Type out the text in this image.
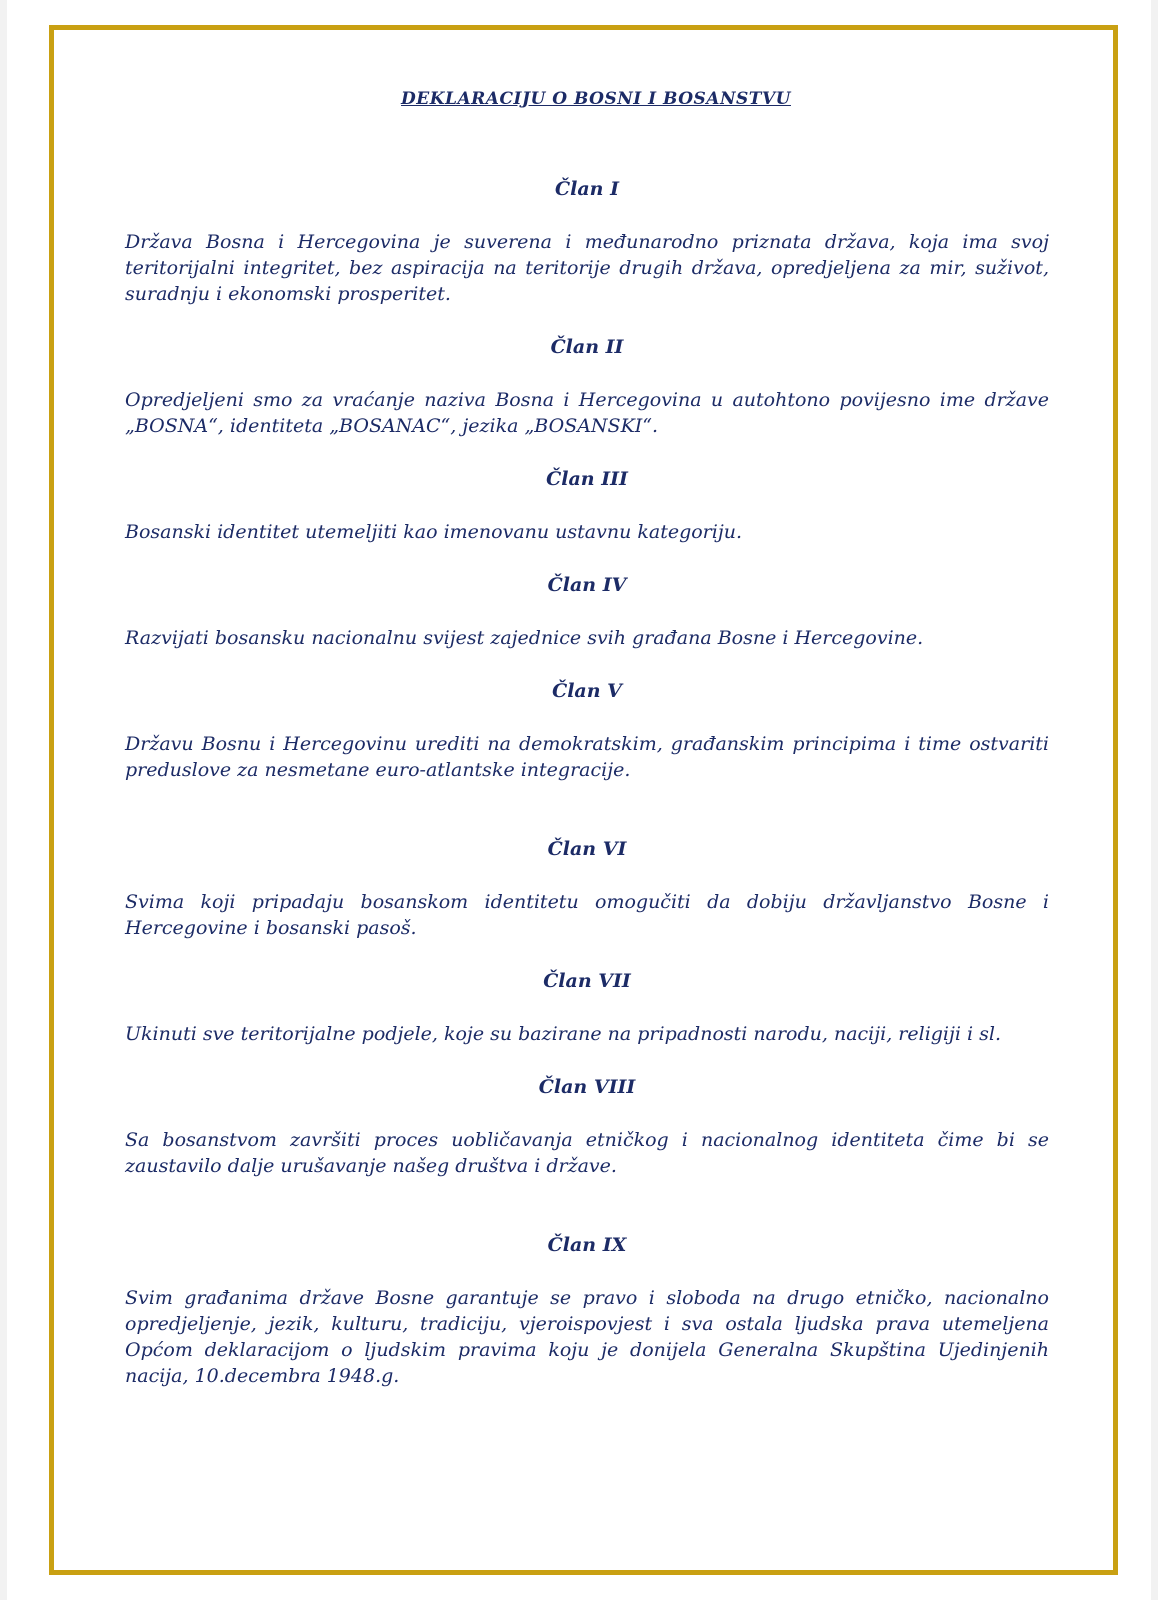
DEKLARACIJU O BOSNI I BOSANSTVU
Član I
Država Bosna i Hercegovina je suverena i međunarodno priznata država, koja ima svoj teritorijalni integritet, bez aspiracija na teritorije drugih država, opredjeljena za mir, suživot, suradnju i ekonomski prosperitet.
Član II
Opredjeljeni smo za vraćanje naziva Bosna i Hercegovina u autohtono povijesno ime države „BOSNA“, identiteta „BOSANAC“, jezika „BOSANSKI“.
Član III
Bosanski identitet utemeljiti kao imenovanu ustavnu kategoriju.
Član IV
Razvijati bosansku nacionalnu svijest zajednice svih građana Bosne i Hercegovine.
Član V
Državu Bosnu i Hercegovinu urediti na demokratskim, građanskim principima i time ostvariti preduslove za nesmetane euro-atlantske integracije.
Član VI
Svima koji pripadaju bosanskom identitetu omogučiti da dobiju državljanstvo Bosne i Hercegovine i bosanski pasoš.
Član VII
Ukinuti sve teritorijalne podjele, koje su bazirane na pripadnosti narodu, naciji, religiji i sl.
Član VIII
Sa bosanstvom završiti proces uobličavanja etničkog i nacionalnog identiteta čime bi se zaustavilo dalje urušavanje našeg društva i države.
Član IX
Svim građanima države Bosne garantuje se pravo i sloboda na drugo etničko, nacionalno opredjeljenje, jezik, kulturu, tradiciju, vjeroispovjest i sva ostala ljudska prava utemeljena Općom deklaracijom o ljudskim pravima koju je donijela Generalna Skupština Ujedinjenih nacija, 10.decembra 1948.g.
